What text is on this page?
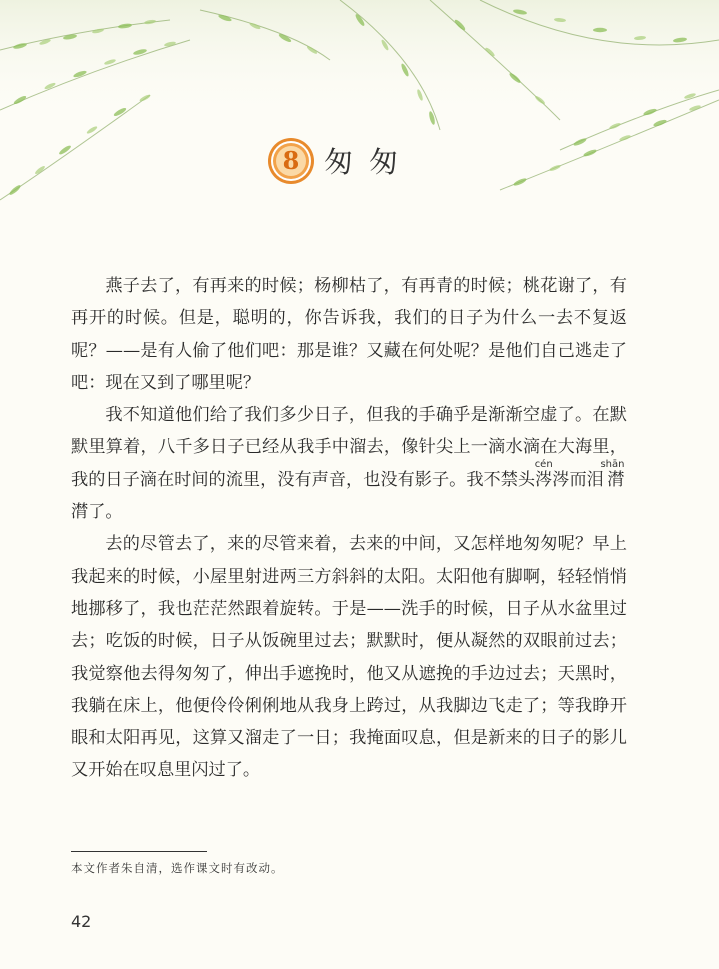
8 匆匆

燕子去了，有再来的时候；杨柳枯了，有再青的时候；桃花谢了，有再开的时候。但是，聪明的，你告诉我，我们的日子为什么一去不复返呢？——是有人偷了他们吧：那是谁？又藏在何处呢？是他们自己逃走了吧：现在又到了哪里呢？

我不知道他们给了我们多少日子，但我的手确乎是渐渐空虚了。在默默里算着，八千多日子已经从我手中溜去，像针尖上一滴水滴在大海里，我的日子滴在时间的流里，没有声音，也没有影子。我不禁头涔cén涔而泪潸shān潸了。

去的尽管去了，来的尽管来着，去来的中间，又怎样地匆匆呢？早上我起来的时候，小屋里射进两三方斜斜的太阳。太阳他有脚啊，轻轻悄悄地挪移了，我也茫茫然跟着旋转。于是——洗手的时候，日子从水盆里过去；吃饭的时候，日子从饭碗里过去；默默时，便从凝然的双眼前过去；我觉察他去得匆匆了，伸出手遮挽时，他又从遮挽的手边过去；天黑时，我躺在床上，他便伶伶俐俐地从我身上跨过，从我脚边飞走了；等我睁开眼和太阳再见，这算又溜走了一日；我掩面叹息，但是新来的日子的影儿又开始在叹息里闪过了。

本文作者朱自清，选作课文时有改动。
42
